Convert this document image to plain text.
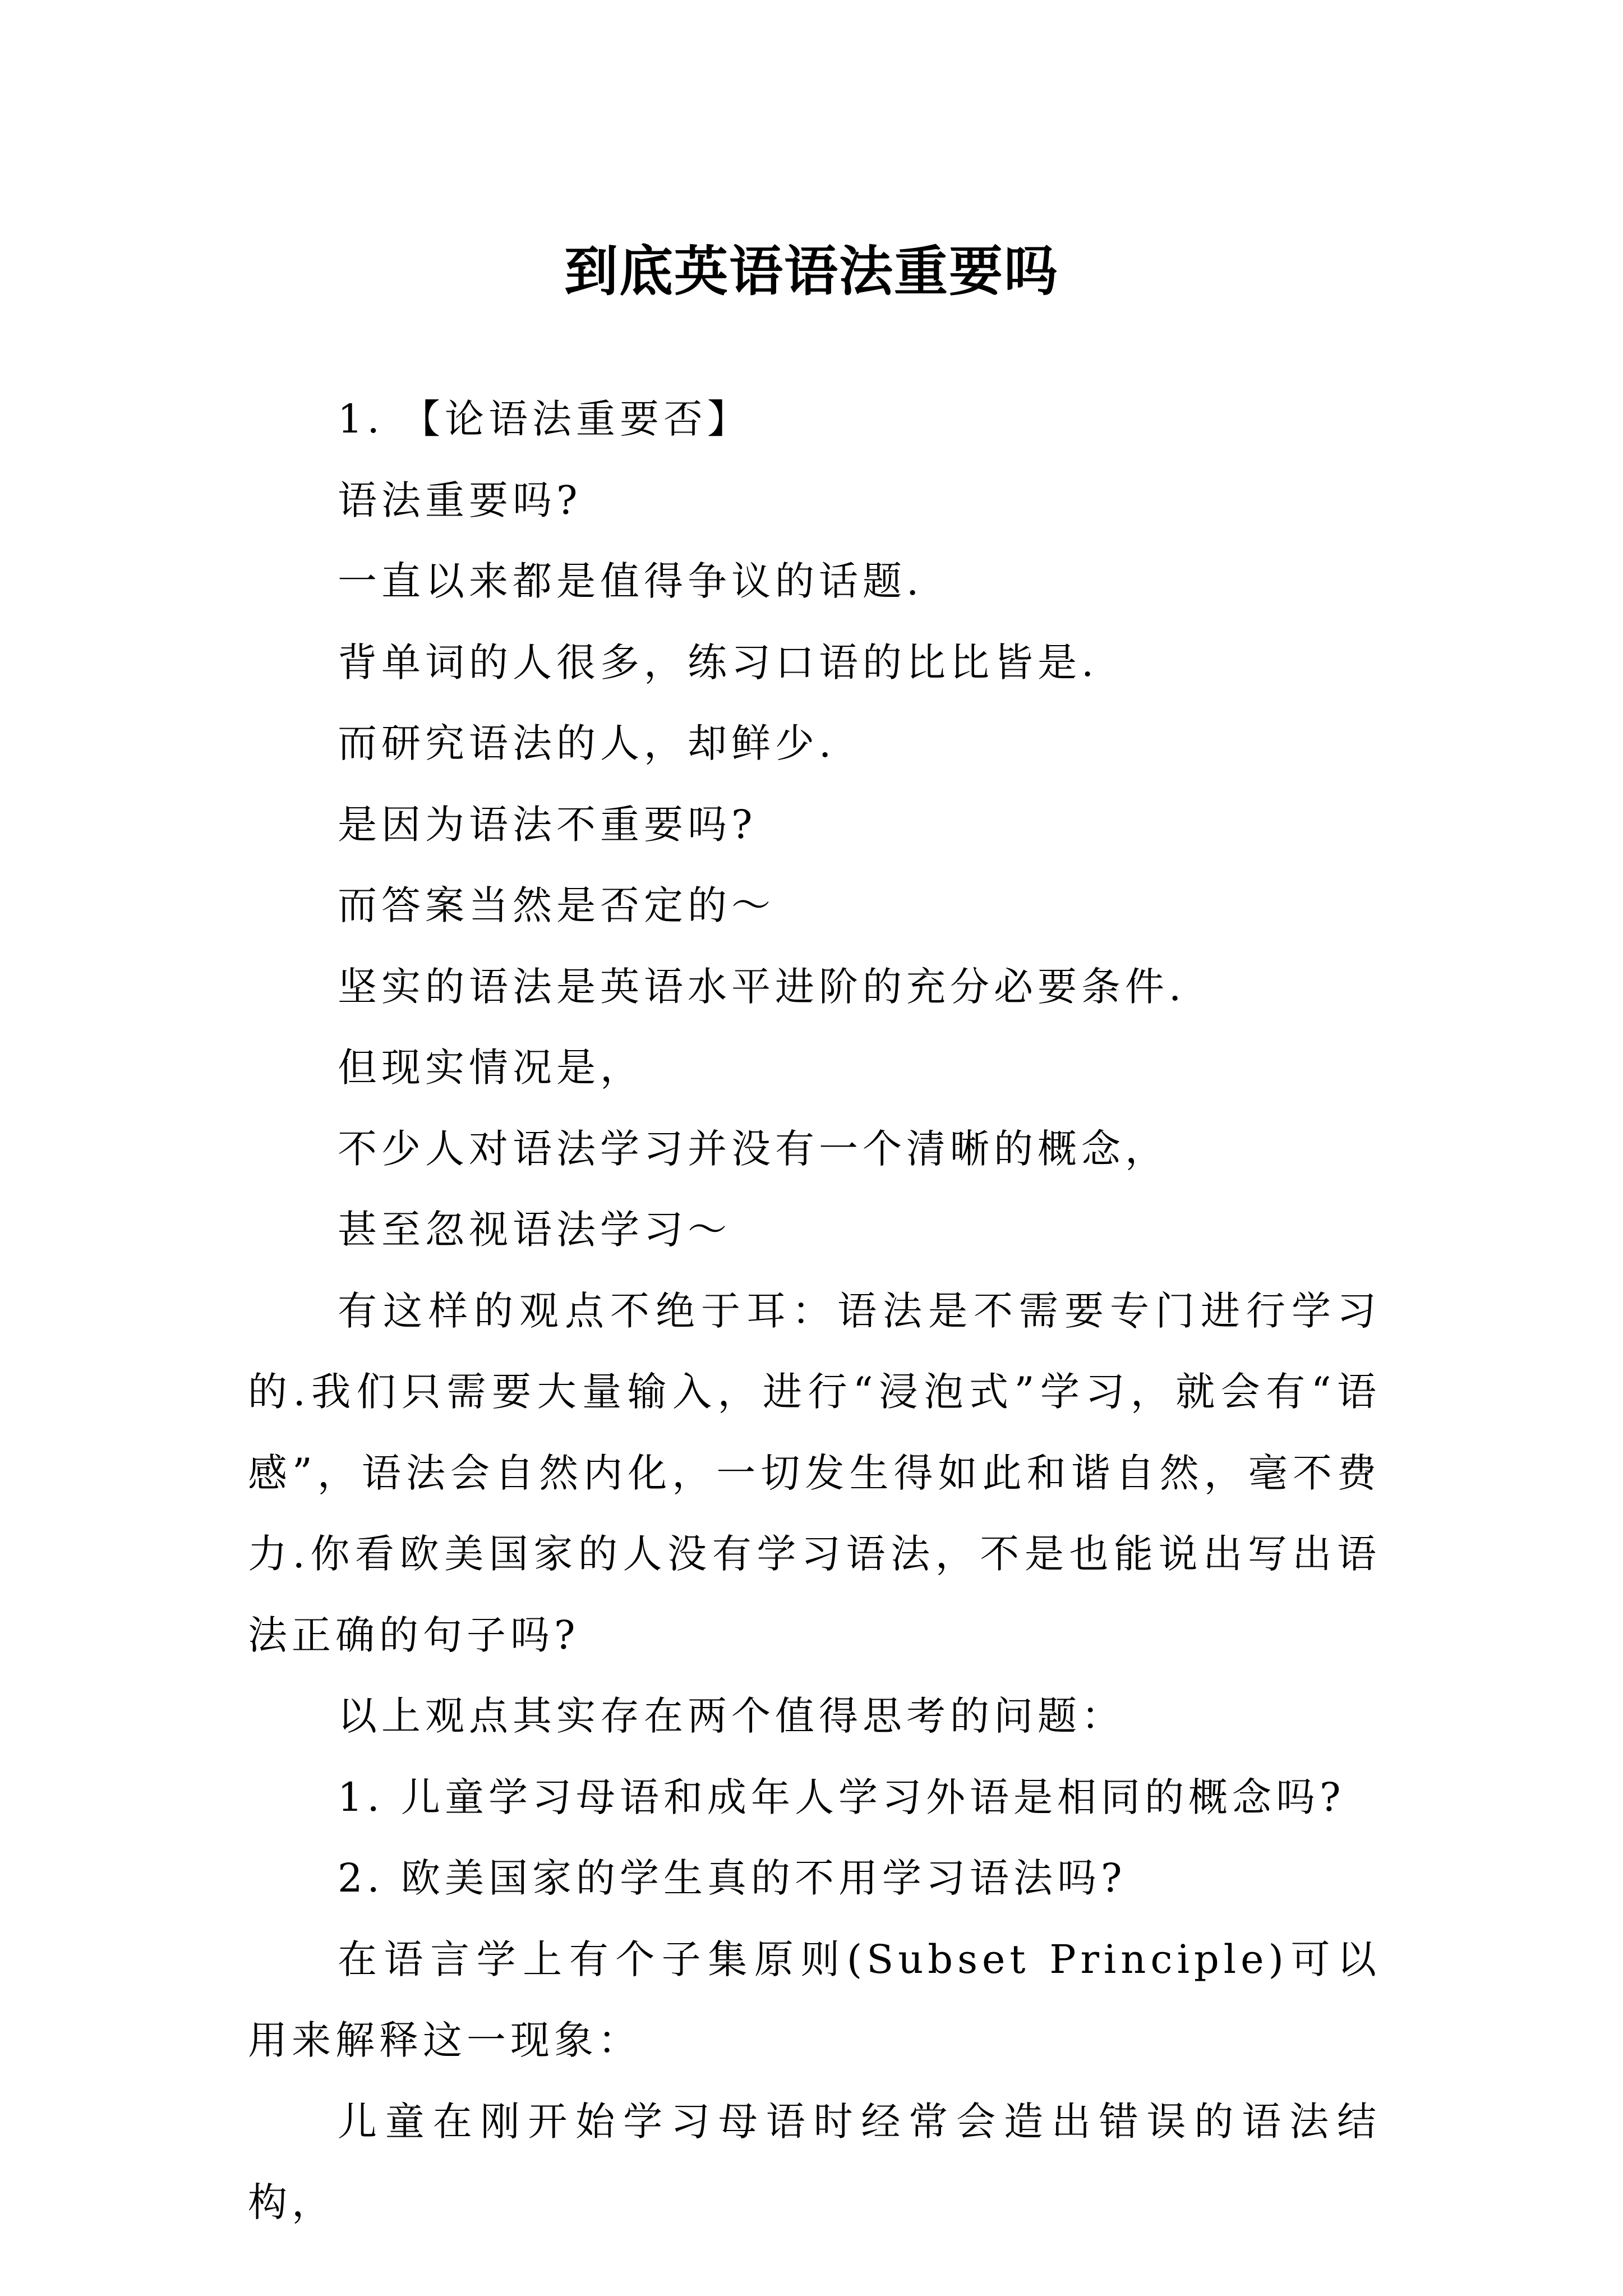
到底英语语法重要吗

1. 【论语法重要否】

语法重要吗?

一直以来都是值得争议的话题.

背单词的人很多，练习口语的比比皆是.

而研究语法的人，却鲜少.

是因为语法不重要吗?

而答案当然是否定的～

坚实的语法是英语水平进阶的充分必要条件.

但现实情况是，

不少人对语法学习并没有一个清晰的概念，

甚至忽视语法学习～

有这样的观点不绝于耳：语法是不需要专门进行学习的.我们只需要大量输入，进行“浸泡式”学习，就会有“语感”，语法会自然内化，一切发生得如此和谐自然，毫不费力.你看欧美国家的人没有学习语法，不是也能说出写出语法正确的句子吗?

以上观点其实存在两个值得思考的问题：

1. 儿童学习母语和成年人学习外语是相同的概念吗?

2. 欧美国家的学生真的不用学习语法吗?

在语言学上有个子集原则(Subset Principle)可以用来解释这一现象：

儿童在刚开始学习母语时经常会造出错误的语法结构，
